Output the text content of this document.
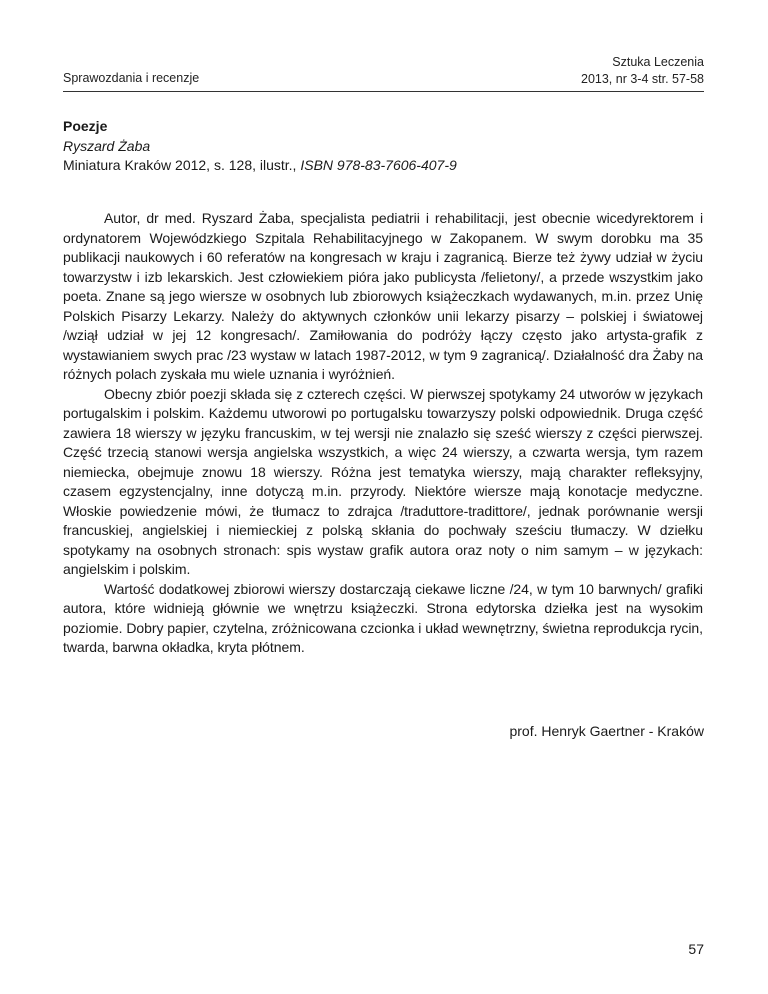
Sprawozdania i recenzje
Sztuka Leczenia
2013, nr 3-4 str. 57-58
Poezje
Ryszard Żaba
Miniatura Kraków 2012, s. 128, ilustr., ISBN 978-83-7606-407-9

Autor, dr med. Ryszard Żaba, specjalista pediatrii i rehabilitacji, jest obecnie wicedyrektorem i ordynatorem Wojewódzkiego Szpitala Rehabilitacyjnego w Zakopanem. W swym dorobku ma 35 publikacji naukowych i 60 referatów na kongresach w kraju i zagranicą. Bierze też żywy udział w życiu towarzystw i izb lekarskich. Jest człowiekiem pióra jako publicysta /felietony/, a przede wszystkim jako poeta. Znane są jego wiersze w osobnych lub zbiorowych książeczkach wydawanych, m.in. przez Unię Polskich Pisarzy Lekarzy. Należy do aktywnych członków unii lekarzy pisarzy – polskiej i światowej /wziął udział w jej 12 kongresach/. Zamiłowania do podróży łączy często jako artysta-grafik z wystawianiem swych prac /23 wystaw w latach 1987-2012, w tym 9 zagranicą/. Działalność dra Żaby na różnych polach zyskała mu wiele uznania i wyróżnień.

Obecny zbiór poezji składa się z czterech części. W pierwszej spotykamy 24 utworów w językach portugalskim i polskim. Każdemu utworowi po portugalsku towarzyszy polski odpowiednik. Druga część zawiera 18 wierszy w języku francuskim, w tej wersji nie znalazło się sześć wierszy z części pierwszej. Część trzecią stanowi wersja angielska wszystkich, a więc 24 wierszy, a czwarta wersja, tym razem niemiecka, obejmuje znowu 18 wierszy. Różna jest tematyka wierszy, mają charakter refleksyjny, czasem egzystencjalny, inne dotyczą m.in. przyrody. Niektóre wiersze mają konotacje medyczne. Włoskie powiedzenie mówi, że tłumacz to zdrajca /traduttore-tradittore/, jednak porównanie wersji francuskiej, angielskiej i niemieckiej z polską skłania do pochwały sześciu tłumaczy. W dziełku spotykamy na osobnych stronach: spis wystaw grafik autora oraz noty o nim samym – w językach: angielskim i polskim.

Wartość dodatkowej zbiorowi wierszy dostarczają ciekawe liczne /24, w tym 10 barwnych/ grafiki autora, które widnieją głównie we wnętrzu książeczki. Strona edytorska dziełka jest na wysokim poziomie. Dobry papier, czytelna, zróżnicowana czcionka i układ wewnętrzny, świetna reprodukcja rycin, twarda, barwna okładka, kryta płótnem.

prof. Henryk Gaertner - Kraków
57
